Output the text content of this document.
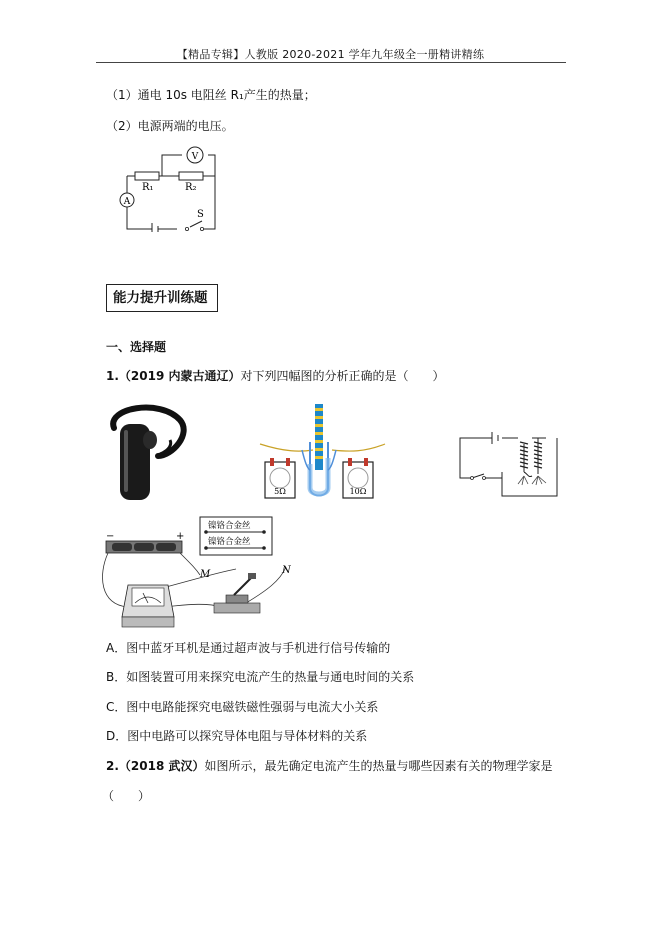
【精品专辑】人教版 2020-2021 学年九年级全一册精讲精练
（1）通电 10s 电阻丝 R₁产生的热量；
（2）电源两端的电压。
A
V
R₁	R₂
S
能力提升训练题
一、选择题
1.（2019 内蒙古通辽）对下列四幅图的分析正确的是（　　）
5Ω	10Ω
−	+
镍铬合金丝
镍铬合金丝
M	N
A．图中蓝牙耳机是通过超声波与手机进行信号传输的
B．如图装置可用来探究电流产生的热量与通电时间的关系
C．图中电路能探究电磁铁磁性强弱与电流大小关系
D．图中电路可以探究导体电阻与导体材料的关系
2.（2018 武汉）如图所示，最先确定电流产生的热量与哪些因素有关的物理学家是
（　　）
